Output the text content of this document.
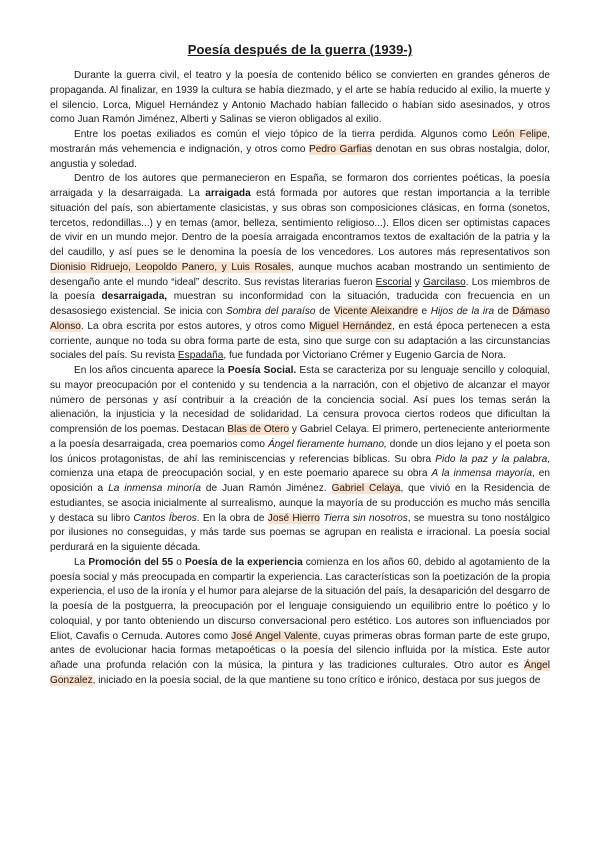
Poesía después de la guerra (1939-)

Durante la guerra civil, el teatro y la poesía de contenido bélico se convierten en grandes géneros de propaganda. Al finalizar, en 1939 la cultura se había diezmado, y el arte se había reducido al exilio, la muerte y el silencio. Lorca, Miguel Hernández y Antonio Machado habían fallecido o habían sido asesinados, y otros como Juan Ramón Jiménez, Alberti y Salinas se vieron obligados al exilio.

Entre los poetas exiliados es común el viejo tópico de la tierra perdida. Algunos como León Felipe, mostrarán más vehemencia e indignación, y otros como Pedro Garfias denotan en sus obras nostalgia, dolor, angustia y soledad.

Dentro de los autores que permanecieron en España, se formaron dos corrientes poéticas, la poesía arraigada y la desarraigada. La arraigada está formada por autores que restan importancia a la terrible situación del país, son abiertamente clasicistas, y sus obras son composiciones clásicas, en forma (sonetos, tercetos, redondillas...) y en temas (amor, belleza, sentimiento religioso...). Ellos dicen ser optimistas capaces de vivir en un mundo mejor. Dentro de la poesía arraigada encontramos textos de exaltación de la patria y la del caudillo, y así pues se le denomina la poesía de los vencedores. Los autores más representativos son Dionisio Ridruejo, Leopoldo Panero, y Luis Rosales, aunque muchos acaban mostrando un sentimiento de desengaño ante el mundo “ideal” descrito. Sus revistas literarias fueron Escorial y Garcilaso. Los miembros de la poesía desarraigada, muestran su inconformidad con la situación, traducida con frecuencia en un desasosiego existencial. Se inicia con Sombra del paraíso de Vicente Aleixandre e Hijos de la ira de Dámaso Alonso. La obra escrita por estos autores, y otros como Miguel Hernández, en está época pertenecen a esta corriente, aunque no toda su obra forma parte de esta, sino que surge con su adaptación a las circunstancias sociales del país. Su revista Espadaña, fue fundada por Victoriano Crémer y Eugenio García de Nora.

En los años cincuenta aparece la Poesía Social. Esta se caracteriza por su lenguaje sencillo y coloquial, su mayor preocupación por el contenido y su tendencia a la narración, con el objetivo de alcanzar el mayor número de personas y así contribuir a la creación de la conciencia social. Así pues los temas serán la alienación, la injusticia y la necesidad de solidaridad. La censura provoca ciertos rodeos que dificultan la comprensión de los poemas. Destacan Blas de Otero y Gabriel Celaya. El primero, perteneciente anteriormente a la poesía desarraigada, crea poemarios como Ángel fieramente humano, donde un dios lejano y el poeta son los únicos protagonistas, de ahí las reminiscencias y referencias bíblicas. Su obra Pido la paz y la palabra, comienza una etapa de preocupación social, y en este poemario aparece su obra A la inmensa mayoría, en oposición a La inmensa minoría de Juan Ramón Jiménez. Gabriel Celaya, que vivió en la Residencia de estudiantes, se asocia inicialmente al surrealismo, aunque la mayoría de su producción es mucho más sencilla y destaca su libro Cantos Íberos. En la obra de José Hierro Tierra sin nosotros, se muestra su tono nostálgico por ilusiones no conseguidas, y más tarde sus poemas se agrupan en realista e irracional. La poesía social perdurará en la siguiente década.

La Promoción del 55 o Poesía de la experiencia comienza en los años 60, debido al agotamiento de la poesía social y más preocupada en compartir la experiencia. Las características son la poetización de la propia experiencia, el uso de la ironía y el humor para alejarse de la situación del país, la desaparición del desgarro de la poesía de la postguerra, la preocupación por el lenguaje consiguiendo un equilibrio entre lo poético y lo coloquial, y por tanto obteniendo un discurso conversacional pero estético. Los autores son influenciados por Eliot, Cavafis o Cernuda. Autores como José Angel Valente, cuyas primeras obras forman parte de este grupo, antes de evolucionar hacia formas metapoéticas o la poesía del silencio influida por la mística. Este autor añade una profunda relación con la música, la pintura y las tradiciones culturales. Otro autor es Ángel Gonzalez, iniciado en la poesía social, de la que mantiene su tono crítico e irónico, destaca por sus juegos de
